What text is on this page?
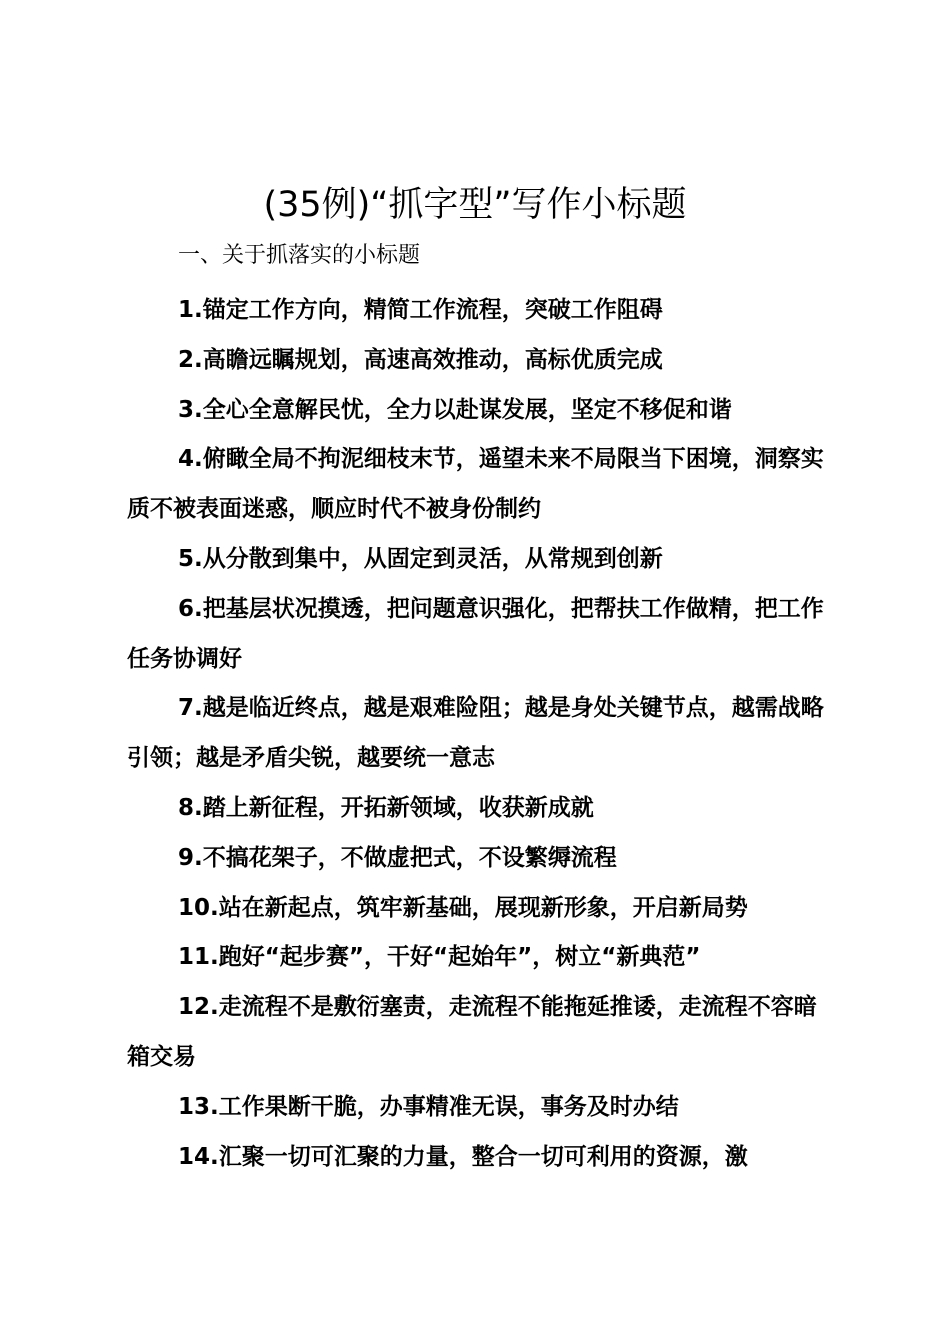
(35例)“抓字型”写作小标题
一、关于抓落实的小标题

1.锚定工作方向，精简工作流程，突破工作阻碍

2.高瞻远瞩规划，高速高效推动，高标优质完成

3.全心全意解民忧，全力以赴谋发展，坚定不移促和谐

4.俯瞰全局不拘泥细枝末节，遥望未来不局限当下困境，洞察实质不被表面迷惑，顺应时代不被身份制约

5.从分散到集中，从固定到灵活，从常规到创新

6.把基层状况摸透，把问题意识强化，把帮扶工作做精，把工作任务协调好

7.越是临近终点，越是艰难险阻；越是身处关键节点，越需战略引领；越是矛盾尖锐，越要统一意志

8.踏上新征程，开拓新领域，收获新成就

9.不搞花架子，不做虚把式，不设繁缛流程

10.站在新起点，筑牢新基础，展现新形象，开启新局势

11.跑好“起步赛”，干好“起始年”，树立“新典范”

12.走流程不是敷衍塞责，走流程不能拖延推诿，走流程不容暗箱交易

13.工作果断干脆，办事精准无误，事务及时办结

14.汇聚一切可汇聚的力量，整合一切可利用的资源，激
